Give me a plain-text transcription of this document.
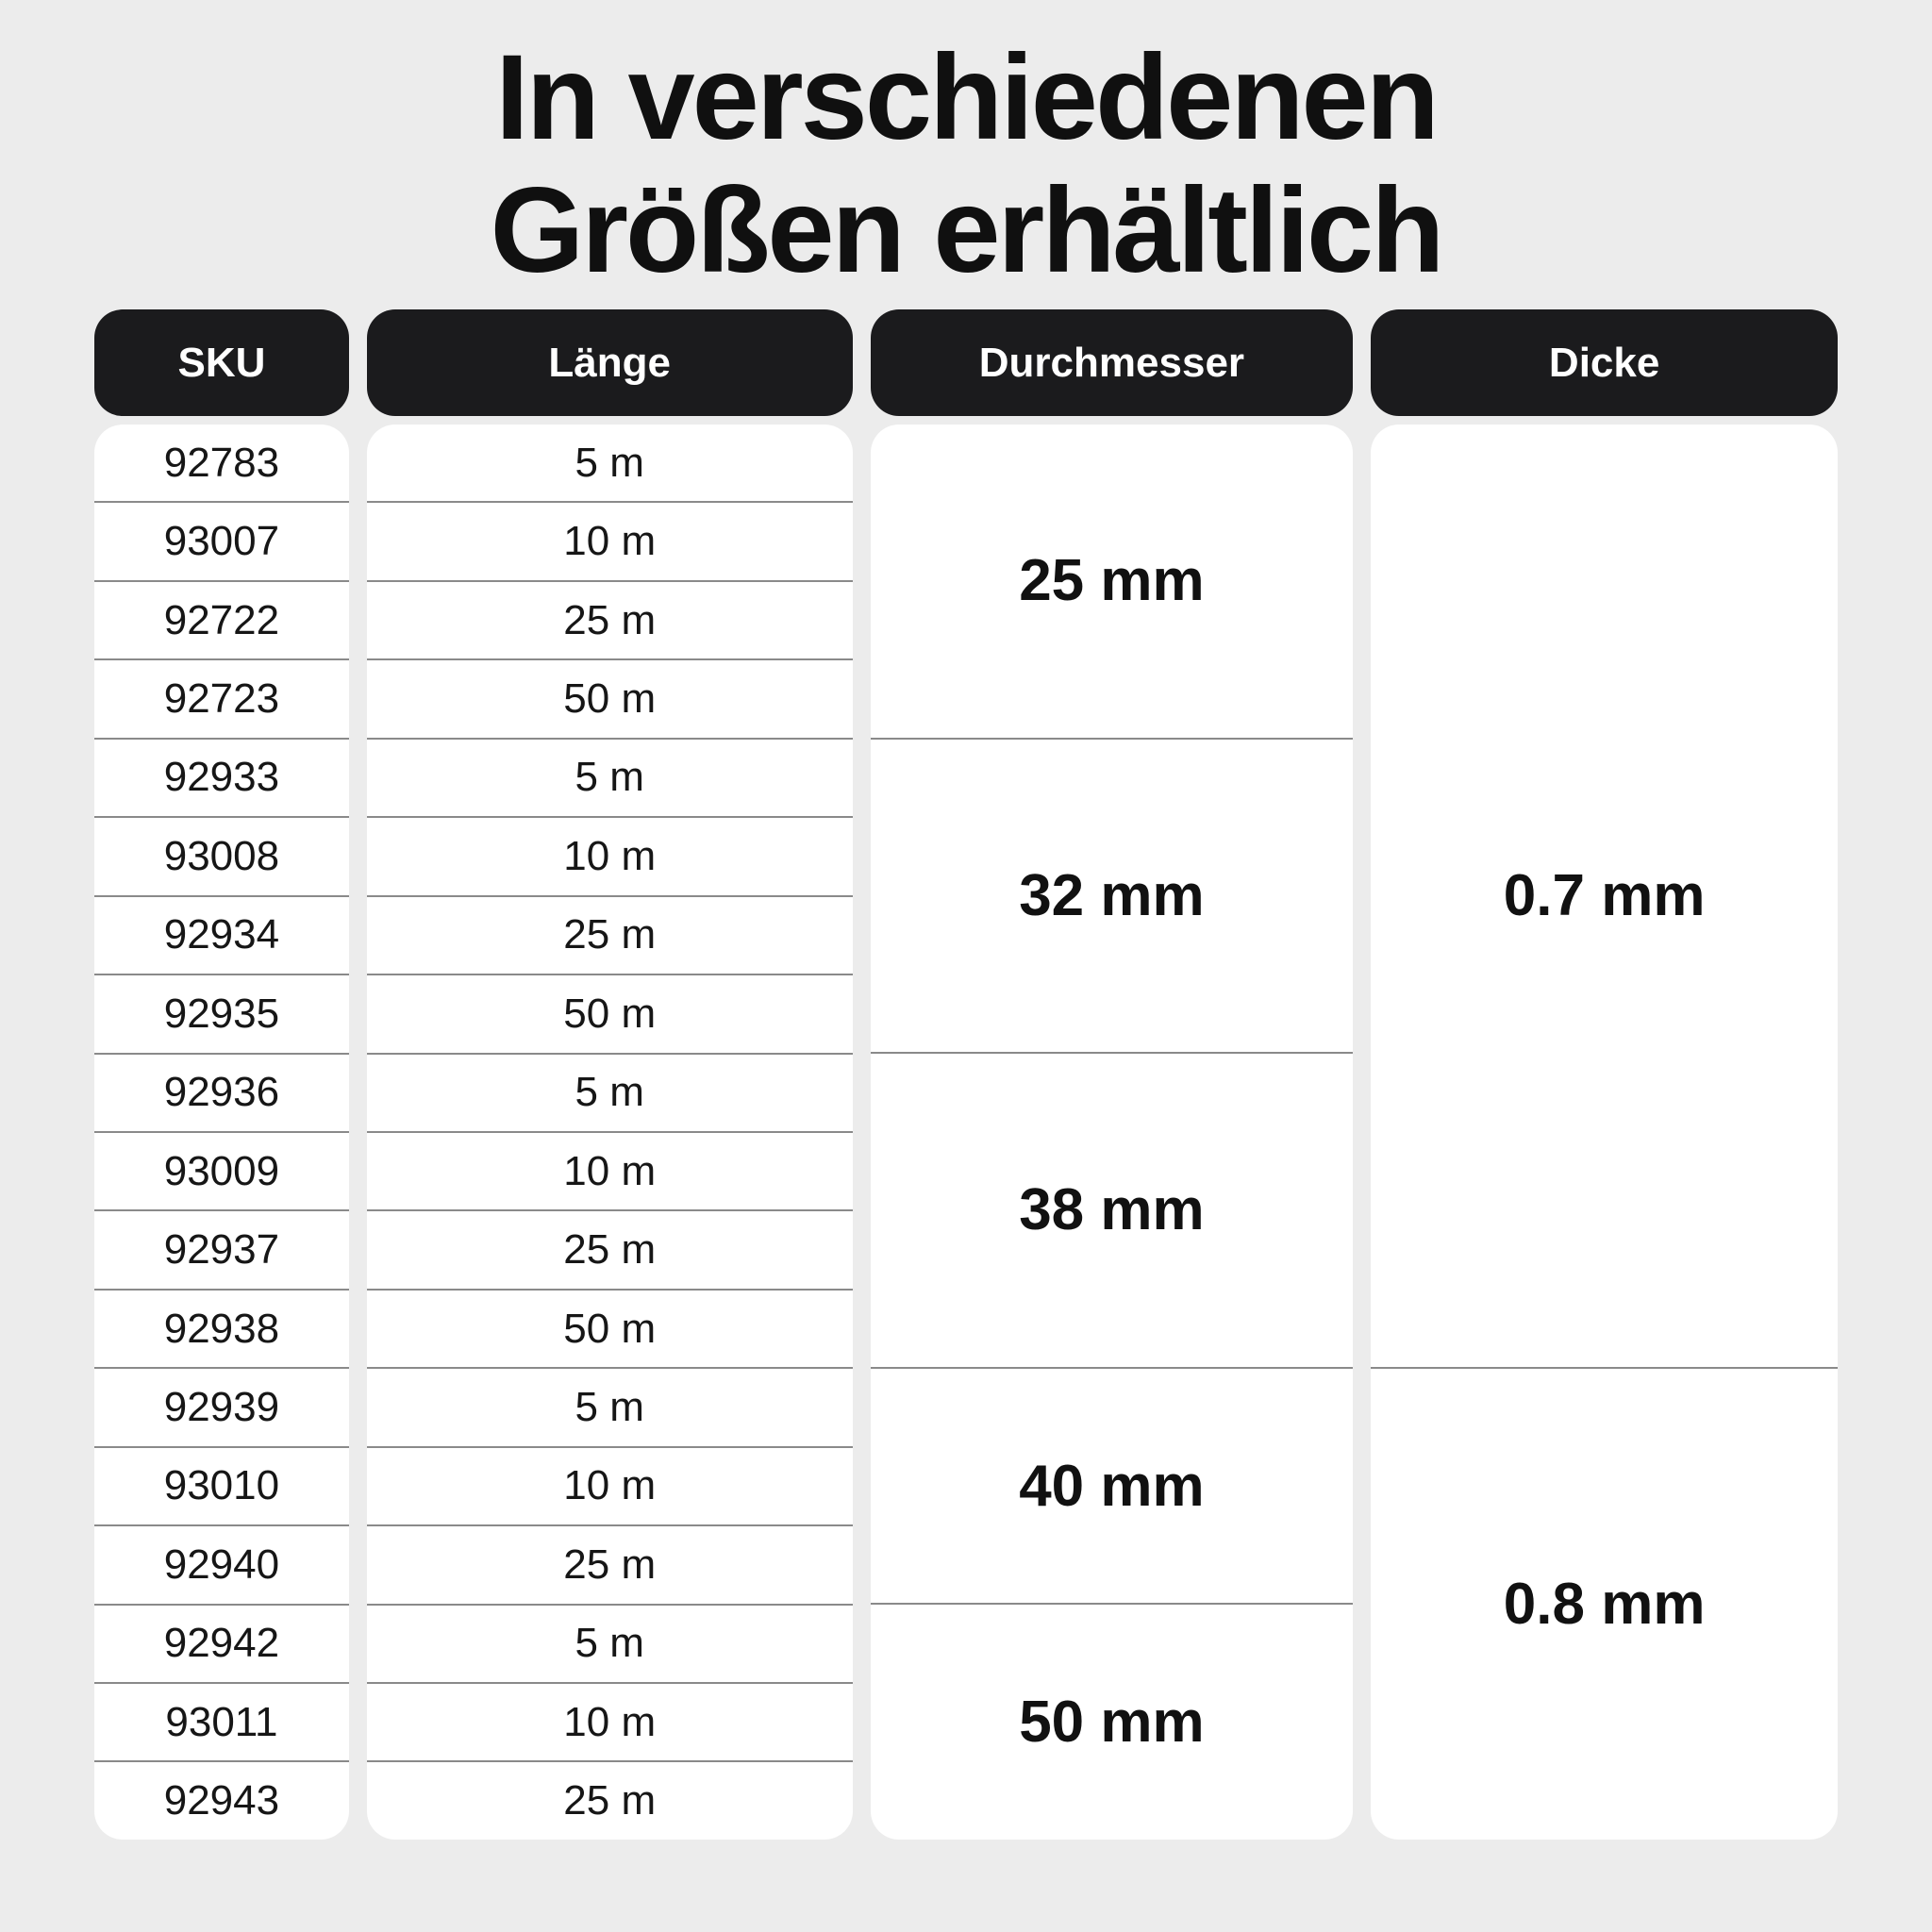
In verschiedenen
Größen erhältlich
SKU
92783
93007
92722
92723
92933
93008
92934
92935
92936
93009
92937
92938
92939
93010
92940
92942
93011
92943
Länge
5 m
10 m
25 m
50 m
5 m
10 m
25 m
50 m
5 m
10 m
25 m
50 m
5 m
10 m
25 m
5 m
10 m
25 m
Durchmesser
25 mm
32 mm
38 mm
40 mm
50 mm
Dicke
0.7 mm
0.8 mm
